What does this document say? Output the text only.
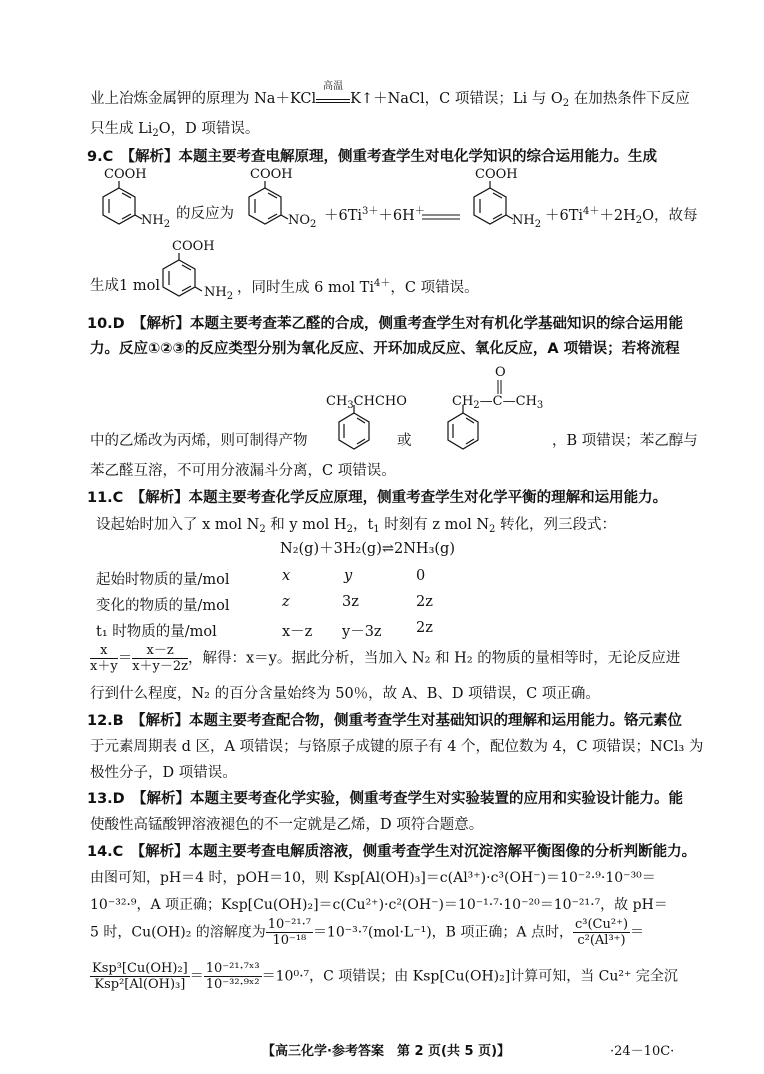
业上冶炼金属钾的原理为 Na＋KCl
高温
K↑＋NaCl，C 项错误；Li 与 $O_2$ 在加热条件下反应
只生成 $Li_2O$，D 项错误。
9.C　【解析】本题主要考查电解原理，侧重考查学生对电化学知识的综合运用能力。生成
COOH
$NH_2$
的反应为
COOH
$NO_2$
$+6Ti^{3+}+6H^+$
COOH
$NH_2$
$+6Ti^{4+}+2H_2O$，故每
COOH
$NH_2$
生成1 mol	，同时生成 6 mol $Ti^{4+}$，C 项错误。
10.D　【解析】本题主要考查苯乙醛的合成，侧重考查学生对有机化学基础知识的综合运用能
力。反应①②③的反应类型分别为氧化反应、开环加成反应、氧化反应，A 项错误；若将流程
$CH_3CHCHO$
O
$CH_2—C—CH_3$
中的乙烯改为丙烯，则可制得产物	或	，B 项错误；苯乙醇与
苯乙醛互溶，不可用分液漏斗分离，C 项错误。
11.C　【解析】本题主要考查化学反应原理，侧重考查学生对化学平衡的理解和运用能力。
设起始时加入了 x mol $N_2$ 和 y mol $H_2$，$t_1$ 时刻有 z mol $N_2$ 转化，列三段式：
N₂(g)＋3H₂(g)⇌2NH₃(g)
起始时物质的量/mol	x	y	0
变化的物质的量/mol	z	3z	2z
t₁ 时物质的量/mol	x－z y－3z 2z
$\frac{x}{x+y} = \frac{x-z}{x+y-2z}$ ，解得：x＝y。据此分析，当加入 N₂ 和 H₂ 的物质的量相等时，无论反应进
行到什么程度，N₂ 的百分含量始终为 50％，故 A、B、D 项错误，C 项正确。
12.B　【解析】本题主要考查配合物，侧重考查学生对基础知识的理解和运用能力。铬元素位
于元素周期表 d 区，A 项错误；与铬原子成键的原子有 4 个，配位数为 4，C 项错误；NCl₃ 为
极性分子，D 项错误。
13.D　【解析】本题主要考查化学实验，侧重考查学生对实验装置的应用和实验设计能力。能
使酸性高锰酸钾溶液褪色的不一定就是乙烯，D 项符合题意。
14.C　【解析】本题主要考查电解质溶液，侧重考查学生对沉淀溶解平衡图像的分析判断能力。
由图可知，pH＝4 时，pOH＝10，则 Ksp[Al(OH)₃]＝c(Al³⁺)·c³(OH⁻)＝10⁻²·⁹·10⁻³⁰＝
10⁻³²·⁹，A 项正确；Ksp[Cu(OH)₂]＝c(Cu²⁺)·c²(OH⁻)＝10⁻¹·⁷·10⁻²⁰＝10⁻²¹·⁷，故 pH＝
5 时，Cu(OH)₂ 的溶解度为 $\frac{\text{10⁻²¹·⁷}}{\text{10⁻¹⁸}} =10^{-3}\cdot^7(mol\cdot L^{-1})$，B 项正确；A 点时， $\frac{\text{c³(Cu²⁺)}}{\text{c²(Al³⁺)}}$ ＝
$\frac{\text{Ksp³[Cu(OH)₂]}}{\text{Ksp²[Al(OH)₃]}} = \frac{\text{10⁻²¹·⁷ˣ³}}{\text{10⁻³²·⁹ˣ²}} =10^0\cdot^7$，C 项错误；由 Ksp[Cu(OH)₂]计算可知，当 Cu²⁺ 完全沉
【高三化学·参考答案　第 2 页(共 5 页)】	·24－10C·
